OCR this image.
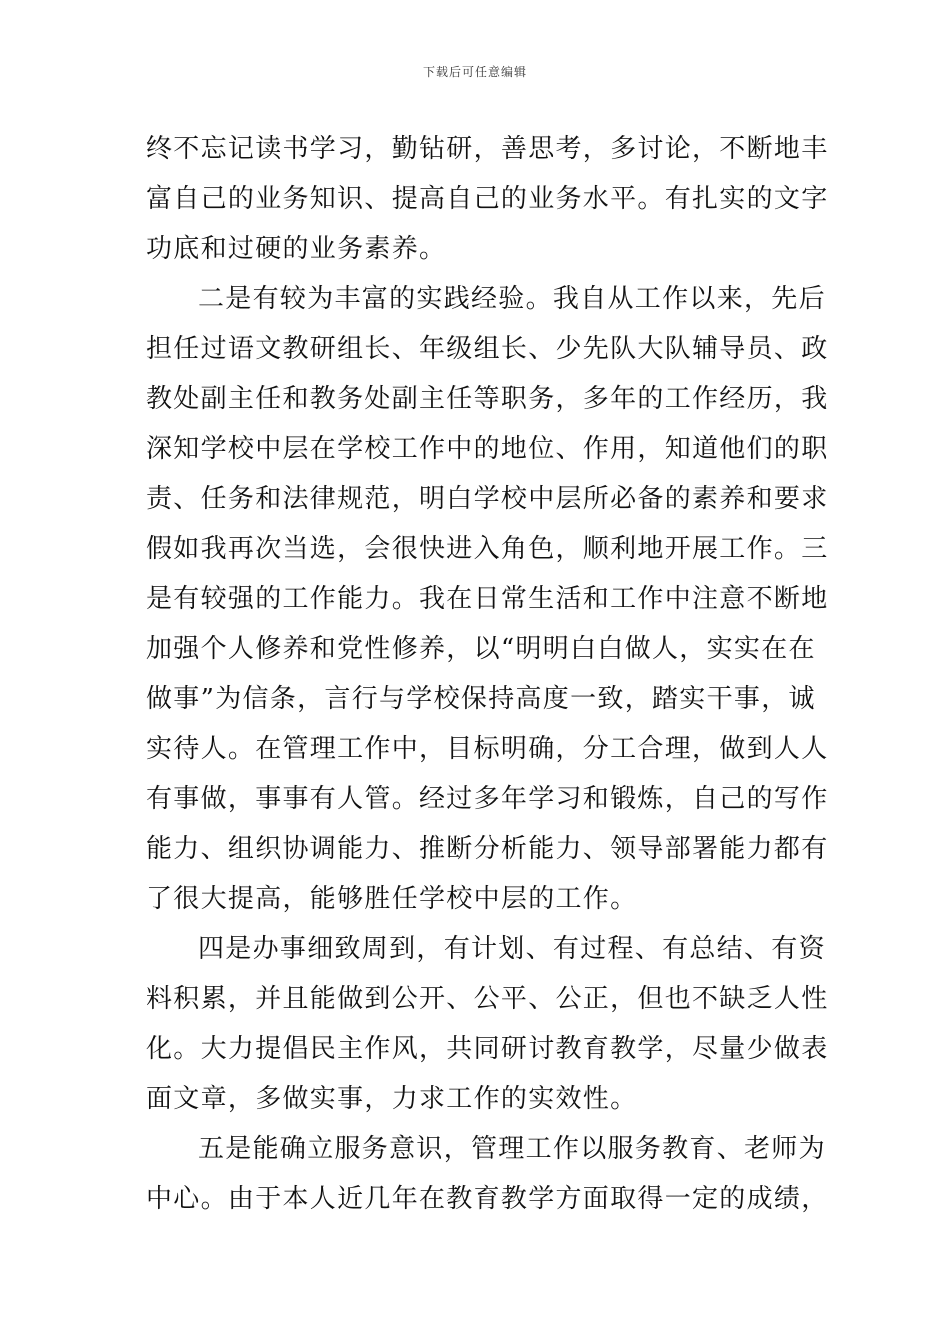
下载后可任意编辑
终不忘记读书学习，勤钻研，善思考，多讨论，不断地丰
富自己的业务知识、提高自己的业务水平。有扎实的文字
功底和过硬的业务素养。
二是有较为丰富的实践经验。我自从工作以来，先后
担任过语文教研组长、年级组长、少先队大队辅导员、政
教处副主任和教务处副主任等职务，多年的工作经历，我
深知学校中层在学校工作中的地位、作用，知道他们的职
责、任务和法律规范，明白学校中层所必备的素养和要求
假如我再次当选，会很快进入角色，顺利地开展工作。三
是有较强的工作能力。我在日常生活和工作中注意不断地
加强个人修养和党性修养，以“明明白白做人，实实在在
做事”为信条，言行与学校保持高度一致，踏实干事，诚
实待人。在管理工作中，目标明确，分工合理，做到人人
有事做，事事有人管。经过多年学习和锻炼，自己的写作
能力、组织协调能力、推断分析能力、领导部署能力都有
了很大提高，能够胜任学校中层的工作。
四是办事细致周到，有计划、有过程、有总结、有资
料积累，并且能做到公开、公平、公正，但也不缺乏人性
化。大力提倡民主作风，共同研讨教育教学，尽量少做表
面文章，多做实事，力求工作的实效性。
五是能确立服务意识，管理工作以服务教育、老师为
中心。由于本人近几年在教育教学方面取得一定的成绩，
